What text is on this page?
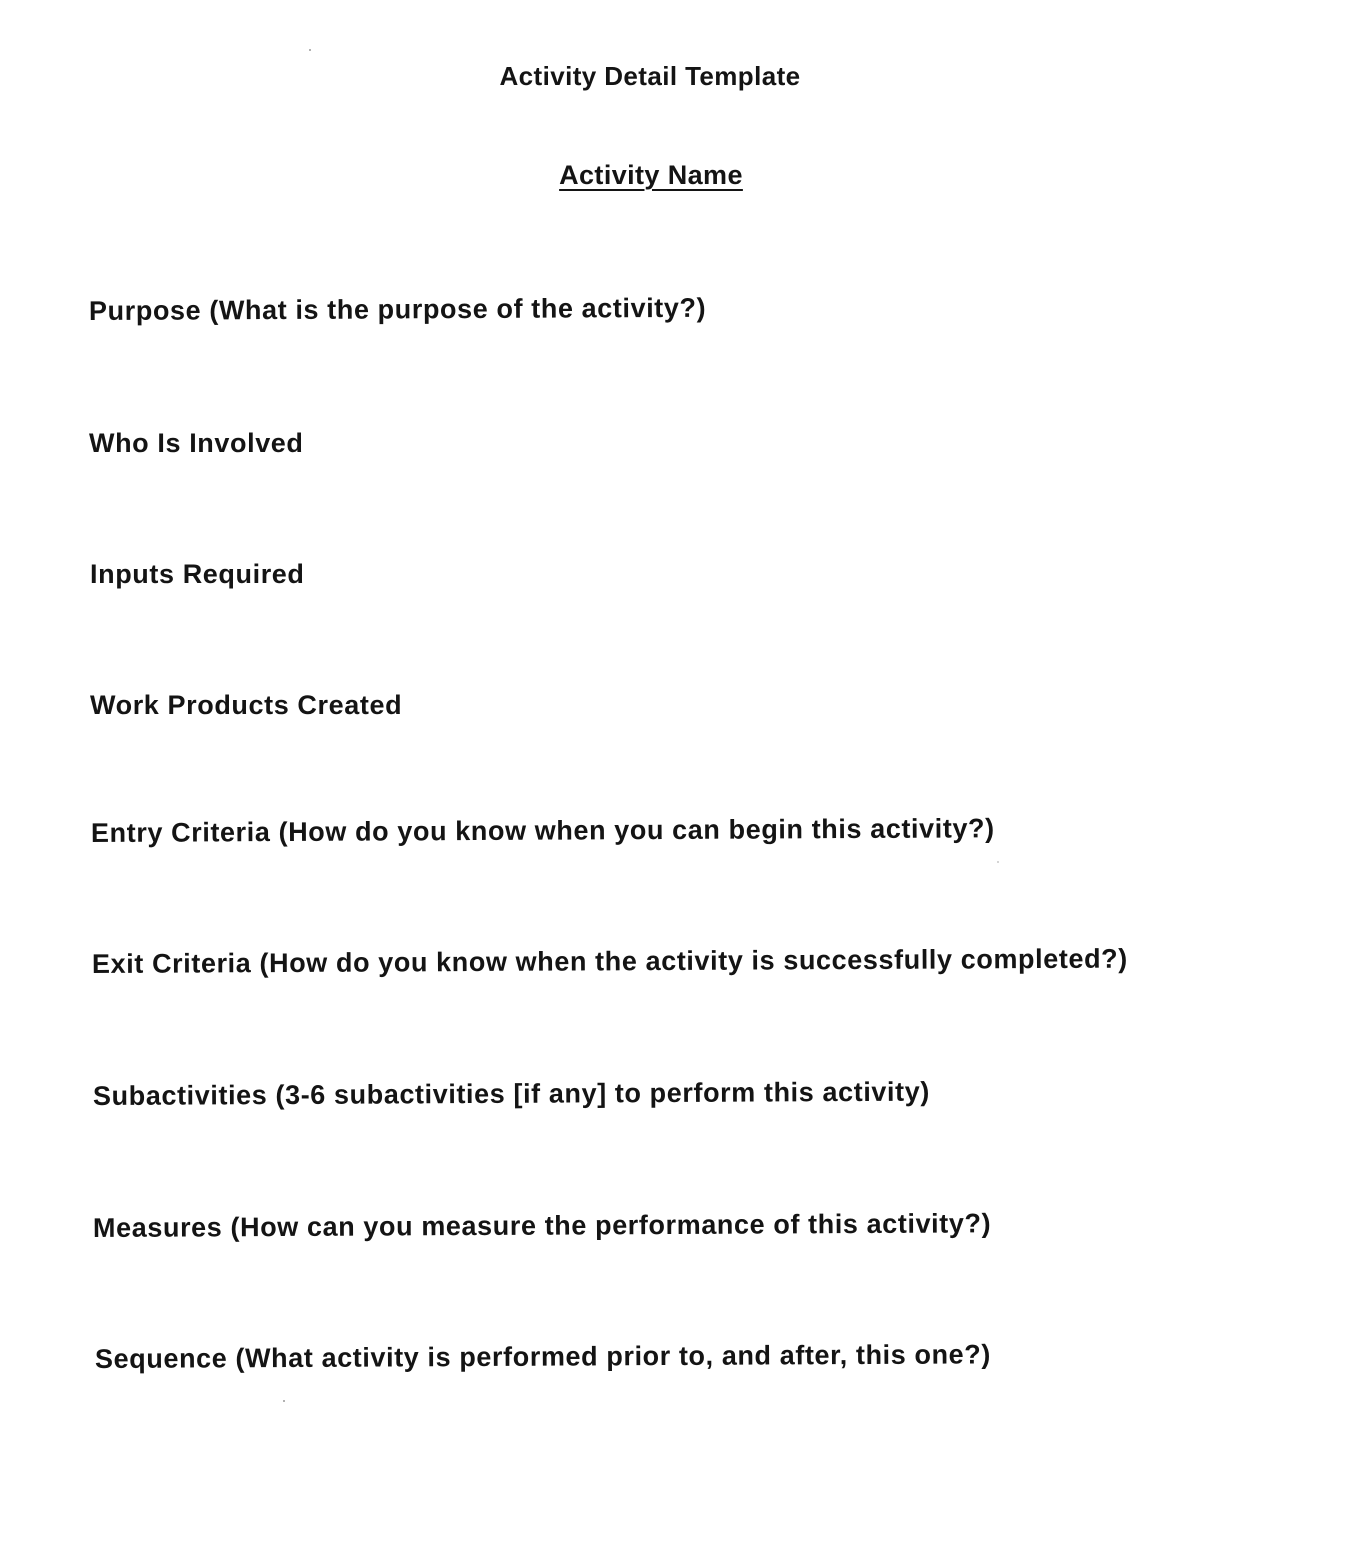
Activity Detail Template
Activity Name
Purpose (What is the purpose of the activity?)
Who Is Involved
Inputs Required
Work Products Created
Entry Criteria (How do you know when you can begin this activity?)
Exit Criteria (How do you know when the activity is successfully completed?)
Subactivities (3-6 subactivities [if any] to perform this activity)
Measures (How can you measure the performance of this activity?)
Sequence (What activity is performed prior to, and after, this one?)
